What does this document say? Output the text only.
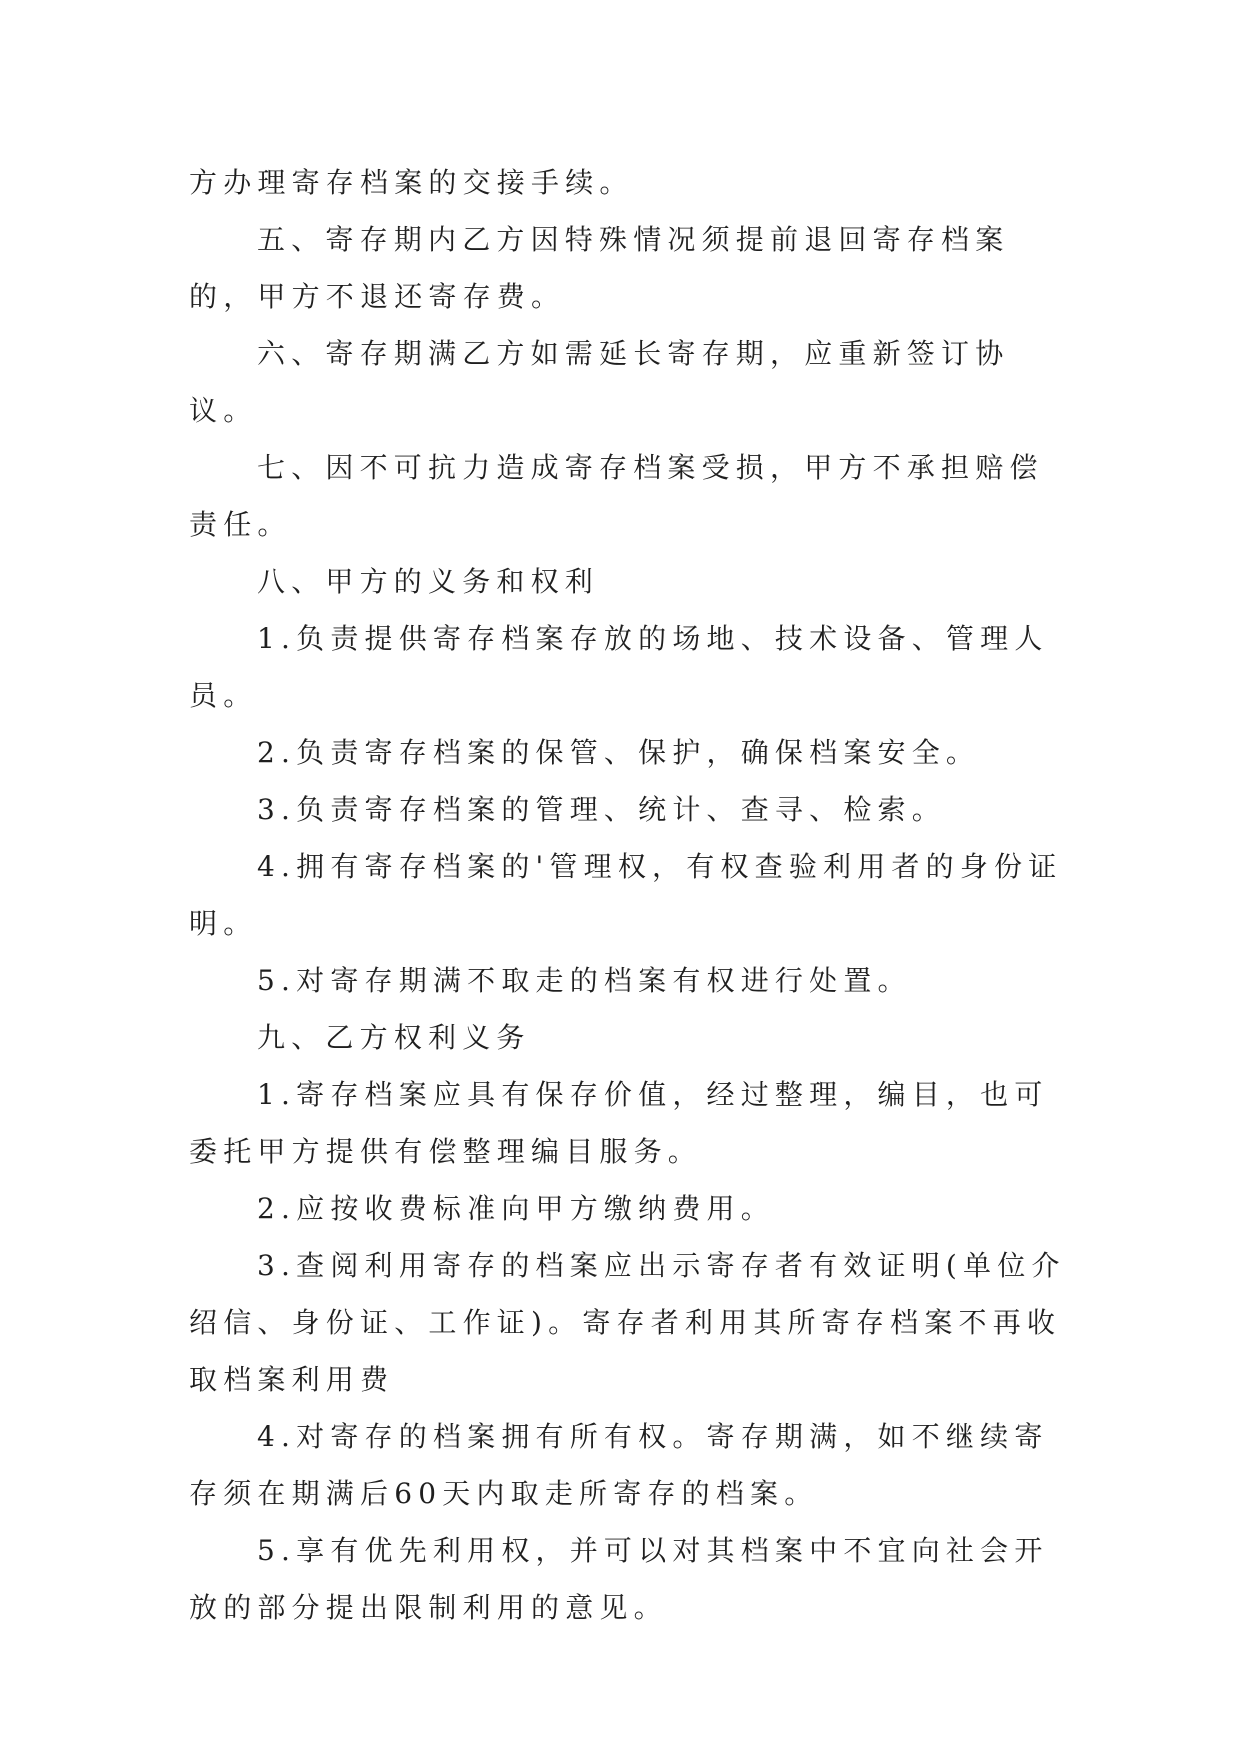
方办理寄存档案的交接手续。

五、寄存期内乙方因特殊情况须提前退回寄存档案的，甲方不退还寄存费。

六、寄存期满乙方如需延长寄存期，应重新签订协议。

七、因不可抗力造成寄存档案受损，甲方不承担赔偿责任。

八、甲方的义务和权利

1.负责提供寄存档案存放的场地、技术设备、管理人员。

2.负责寄存档案的保管、保护，确保档案安全。

3.负责寄存档案的管理、统计、查寻、检索。

4.拥有寄存档案的'管理权，有权查验利用者的身份证明。

5.对寄存期满不取走的档案有权进行处置。

九、乙方权利义务

1.寄存档案应具有保存价值，经过整理，编目，也可委托甲方提供有偿整理编目服务。

2.应按收费标准向甲方缴纳费用。

3.查阅利用寄存的档案应出示寄存者有效证明(单位介绍信、身份证、工作证)。寄存者利用其所寄存档案不再收取档案利用费

4.对寄存的档案拥有所有权。寄存期满，如不继续寄存须在期满后60天内取走所寄存的档案。

5.享有优先利用权，并可以对其档案中不宜向社会开放的部分提出限制利用的意见。
